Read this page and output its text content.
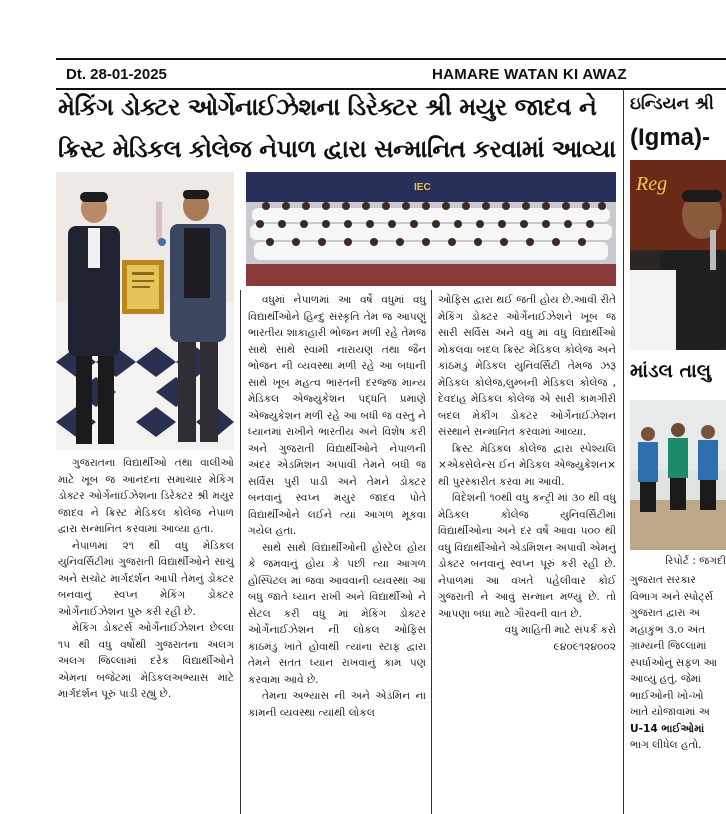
Dt. 28-01-2025	HAMARE WATAN KI AWAZ
મેકિંગ ડોક્ટર ઓર્ગેનાઈઝેશના ડિરેક્ટર શ્રી મયુર જાદવ ને
ક્રિસ્ટ મેડિકલ કોલેજ નેપાળ દ્વારા સન્માનિત કરવામાં આવ્યા
IEC

ગુજરાતના વિદ્યાર્થીઓ તથા વાલીઓ માટે ખૂબ જ આનંદના સમાચાર મેકિંગ ડોક્ટર ઓર્ગેનાઈઝેશના ડિરેક્ટર શ્રી મયુર જાદવ ને ક્રિસ્ટ મેડિકલ કોલેજ નેપાળ દ્વારા સન્માનિત કરવામાં આવ્યા હતા.

નેપાળમાં ૨૧ થી વધુ મેડિકલ યુનિવર્સિટીમાં ગુજરાતી વિદ્યાર્થીઓને સાચું અને સચોટ માર્ગદર્શન આપી તેમનું ડોક્ટર બનવાનું સ્વપ્ન મેકિંગ ડોક્ટર ઓર્ગેનાઈઝેશન પુરુ કરી રહી છે.

મેકિંગ ડોક્ટર્સ ઓર્ગેનાઈઝેશન છેલ્લા ૧૫ થી વધુ વર્ષોથી ગુજરાતના અલગ અલગ જિલ્લામાં દરેક વિદ્યાર્થીઓને એમના બજેટમાં મેડિકલઅભ્યાસ માટે માર્ગદર્શન પૂરું પાડી રહ્યું છે.

વધુમાં નેપાળમાં આ વર્ષે વધુમાં વધુ વિદ્યાર્થીઓને હિન્દુ સંસ્કૃતિ તેમ જ આપણું ભારતીય શાકાહારી ભોજન મળી રહે તેમજ સાથે સાથે સ્વામી નારાયણ તથા જૈન ભોજન ની વ્યવસ્થા મળી રહે આ બધાની સાથે ખૂબ મહત્વ ભારતની દરજ્જ માન્ય મેડિકલ એજ્યુકેશન પદ્ધતિ પ્રમાણે એજ્યુકેશન મળી રહે આ બધી જ વસ્તુ ને ધ્યાનમાં રાખીને ભારતીય અને વિશેષ કરી અને ગુજરાતી વિદ્યાર્થીઓને નેપાળની અંદર એડમિશન અપાવી તેમને બધી જ સર્વિસ પુરી પાડી અને તેમને ડોક્ટર બનવાનું સ્વપ્ન મયુર જાદવ પોતે વિદ્યાર્થીઓને લઈને ત્યાં આગળ મૂકવા ગયેલ હતા.

સાથે સાથે વિદ્યાર્થીઓની હોસ્ટેલ હોય કે જમવાનું હોય કે પછી ત્યા આગળ હોસ્પિટલ માં જવા આવવાની વ્યવસ્થા આ બધુ જાતે ધ્યાન રાખી અને વિદ્યાર્થીઓ ને સેટલ કરી વધુ માં મેકિંગ ડોક્ટર ઓર્ગેનાઈઝેશન ની લોકલ ઓફિસ કાઠમંડુ ખાતે હોવાથી ત્યાંના સ્ટાફ દ્વારા તેમને સતત ધ્યાન રાખવાનું કામ પણ કરવામા આવે છે.

તેમના અભ્યાસ ની અને એડમિન ના કામની વ્યવસ્થા ત્યાંથી લોકલ

ઓફિસ દ્વારા થઈ જતી હોય છે.આવી રીતે મેકિંગ ડોક્ટર ઓર્ગેનાઈઝેશને ખૂબ જ સારી સર્વિસ અને વધુ માં વધુ વિદ્યાર્થીઓ મોકલવા બદલ ક્રિસ્ટ મેડિકલ કોલેજ અને કાંઠમંડુ મેડિકલ યુનિવર્સિટી તેમજ ઝરૂ મેડિકલ કોલેજ,લુમ્બની મેડિકલ કોલેજ , દેવદાહ મેડિકલ કોલેજ એ સારી કામગીરી બદલ મેકીંગ ડોકટર ઓર્ગેનાઈઝેશન સંસ્થાને સન્માનિત કરવામાં આવ્યા.

ક્રિસ્ટ મેડિકલ કોલેજ દ્વારા સ્પેશ્યલિ ×એક્સેલેન્સ ઈન મેડિકલ એજ્યુકેશન× થી પુરસ્કારીત કરવા મા આવી.

વિદેશની ૧૦થી વધુ કન્ટ્રી માં ૩૦ થી વધુ મેડિકલ કોલેજ યુનિવર્સિટીમાં વિદ્યાર્થીઓના અને દર વર્ષે આવા ૫૦૦ થી વધુ વિદ્યાર્થીઓને એડમિશન અપાવી એમનું ડોક્ટર બનવાનું સ્વપ્ન પૂરું કરી રહી છે. નેપાળમાં આ વખતે પહેલીવાર કોઈ ગુજરાતી ને આવું સન્માન મળ્યું છે. તો આપણા બધા માટે ગૌરવની વાત છે.

વધુ માહિતી માટે સંપર્ક કરો

૯૪૦૯૧૨૪૦૦૨
ઇન્ડિયન શ્રી
(Igma)-
Reg
માંડલ તાલુ
રિપોર્ટ : જગદી
ગુજરાત સરકાર
વિભાગ અને સ્પોર્ટ્સ
ગુજરાત દ્વારા અ
મહાકુંભ ૩.૦ અંત
ગ્રામ્યની જિલ્લામાં
સ્પર્ધાઓનું સફળ આ
આવ્યું હતું. જેમાં
ભાઈઓની ખો-ખો
ખાતે યોજાવામાં અ
U-14 ભાઈઓમાં
ભાગ લીધેલ હતો.
